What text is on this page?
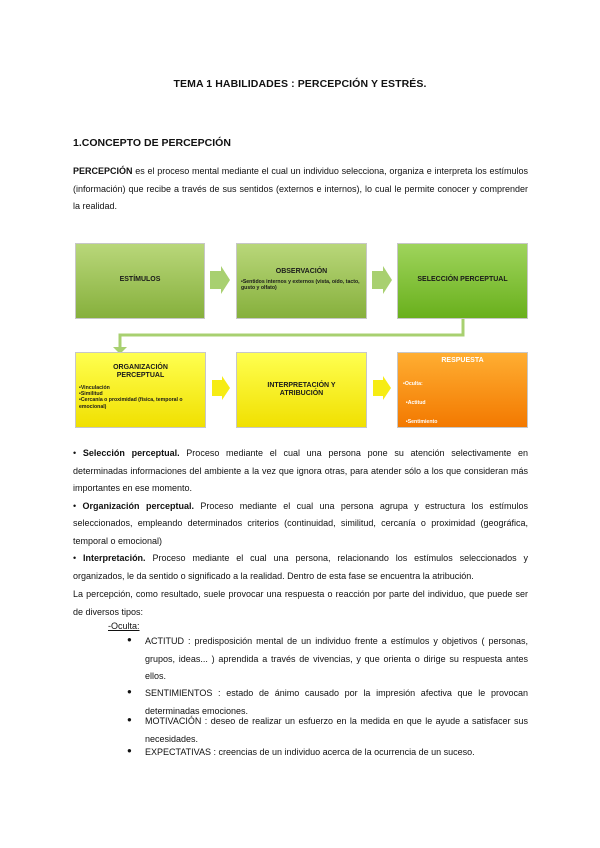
TEMA 1 HABILIDADES : PERCEPCIÓN Y ESTRÉS.
1.CONCEPTO DE PERCEPCIÓN
PERCEPCIÓN es el proceso mental mediante el cual un individuo selecciona, organiza e interpreta los estímulos (información) que recibe a través de sus sentidos (externos e internos), lo cual le permite conocer y comprender la realidad.
ESTÍMULOS
OBSERVACIÓN
•Sentidos internos y externos (vista, oído, tacto, gusto y olfato)
SELECCIÓN PERCEPTUAL
ORGANIZACIÓN PERCEPTUAL
•Vinculación
•Similitud
•Cercanía o proximidad (física, temporal o emocional)
INTERPRETACIÓN Y ATRIBUCIÓN
RESPUESTA

•Oculta:

•Actitud

•Sentimiento

•Motivación

•Expectativa

•Abierta:

•Comportamiento

• Selección perceptual. Proceso mediante el cual una persona pone su atención selectivamente en determinadas informaciones del ambiente a la vez que ignora otras, para atender sólo a los que consideran más importantes en ese momento.
• Organización perceptual. Proceso mediante el cual una persona agrupa y estructura los estímulos seleccionados, empleando determinados criterios (continuidad, similitud, cercanía o proximidad (geográfica, temporal o emocional)
• Interpretación. Proceso mediante el cual una persona, relacionando los estímulos seleccionados y organizados, le da sentido o significado a la realidad. Dentro de esta fase se encuentra la atribución.
La percepción, como resultado, suele provocar una respuesta o reacción por parte del individuo, que puede ser de diversos tipos:
-Oculta:
● ACTITUD : predisposición mental de un individuo frente a estímulos y objetivos ( personas, grupos, ideas... ) aprendida a través de vivencias, y que orienta o dirige su respuesta antes ellos.
● SENTIMIENTOS : estado de ánimo causado por la impresión afectiva que le provocan determinadas emociones.
● MOTIVACIÓN : deseo de realizar un esfuerzo en la medida en que le ayude a satisfacer sus necesidades.
● EXPECTATIVAS : creencias de un individuo acerca de la ocurrencia de un suceso.
